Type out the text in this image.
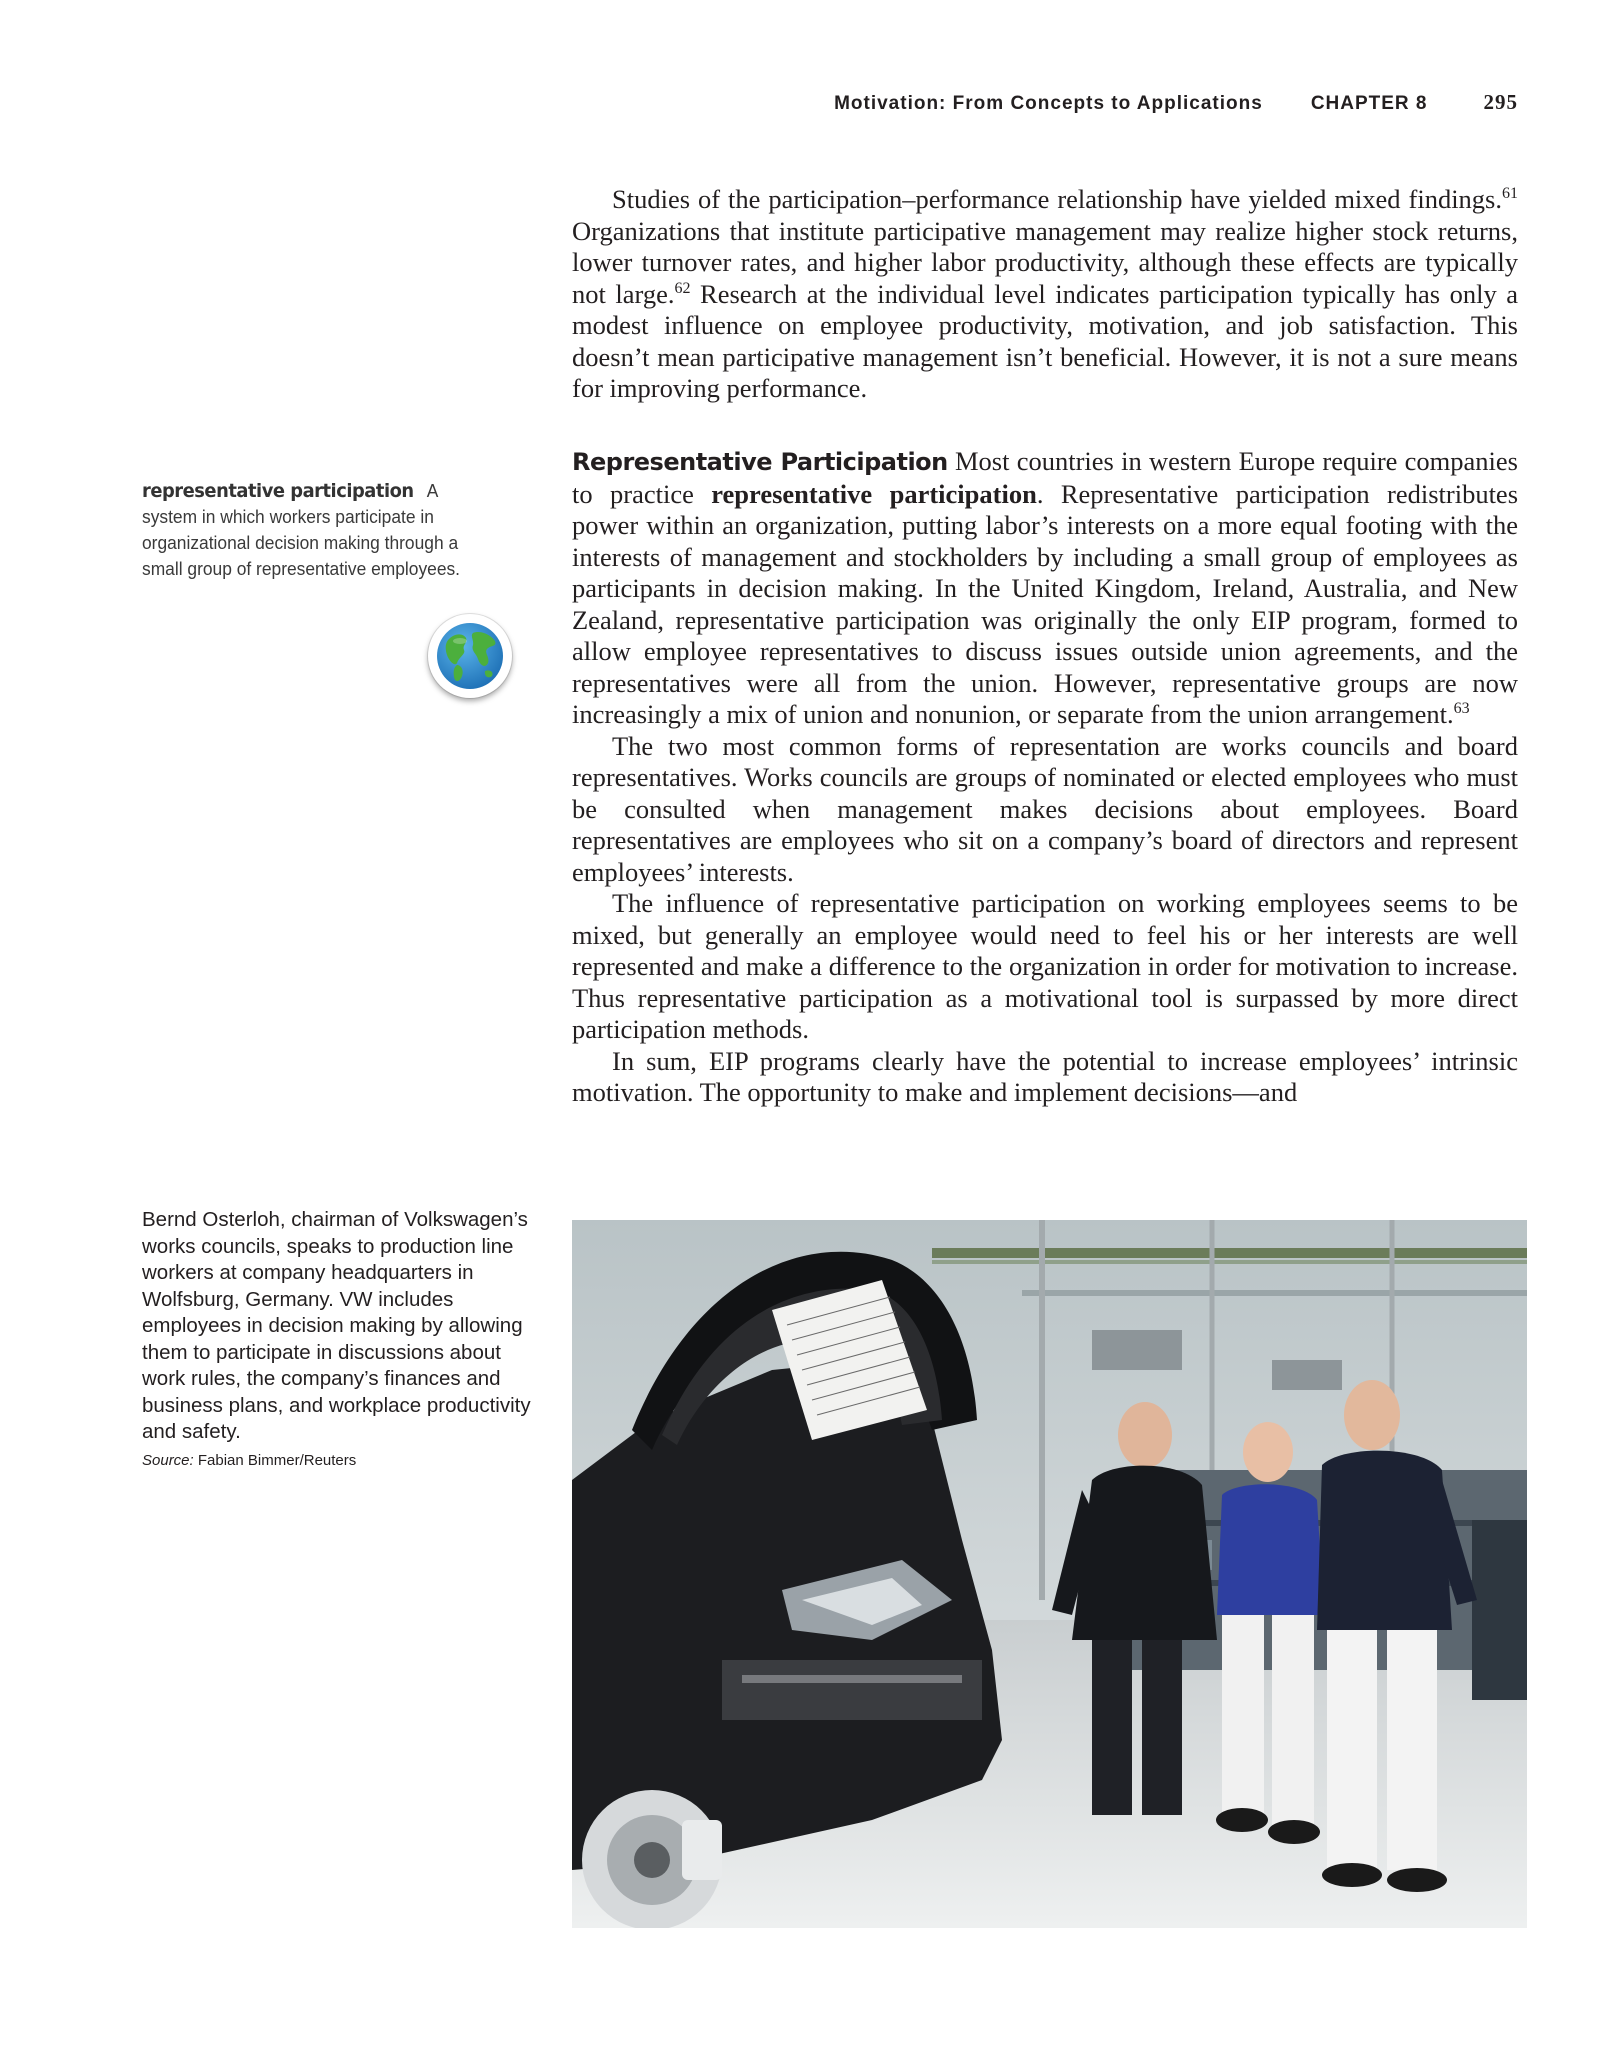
Motivation: From Concepts to Applications	CHAPTER 8	295

Studies of the participation–performance relationship have yielded mixed findings.$^{61}$ Organizations that institute participative management may realize higher stock returns, lower turnover rates, and higher labor productivity, although these effects are typically not large.$^{62}$ Research at the individual level indicates participation typically has only a modest influence on employee productivity, motivation, and job satisfaction. This doesn’t mean participative management isn’t beneficial. However, it is not a sure means for improving performance.

Representative Participation Most countries in western Europe require companies to practice representative participation. Representative participation redistributes power within an organization, putting labor’s interests on a more equal footing with the interests of management and stockholders by including a small group of employees as participants in decision making. In the United Kingdom, Ireland, Australia, and New Zealand, representative participation was originally the only EIP program, formed to allow employee representatives to discuss issues outside union agreements, and the representatives were all from the union. However, representative groups are now increasingly a mix of union and nonunion, or separate from the union arrangement.$^{63}$

The two most common forms of representation are works councils and board representatives. Works councils are groups of nominated or elected employees who must be consulted when management makes decisions about employees. Board representatives are employees who sit on a company’s board of directors and represent employees’ interests.

The influence of representative participation on working employees seems to be mixed, but generally an employee would need to feel his or her interests are well represented and make a difference to the organization in order for motivation to increase. Thus representative participation as a motivational tool is surpassed by more direct participation methods.

In sum, EIP programs clearly have the potential to increase employees’ intrinsic motivation. The opportunity to make and implement decisions—and

representative participation A system in which workers participate in organizational decision making through a small group of representative employees.
Bernd Osterloh, chairman of Volkswagen’s works councils, speaks to production line workers at company headquarters in Wolfsburg, Germany. VW includes employees in decision making by allowing them to participate in discussions about work rules, the company’s finances and business plans, and workplace productivity and safety.
Source: Fabian Bimmer/Reuters
